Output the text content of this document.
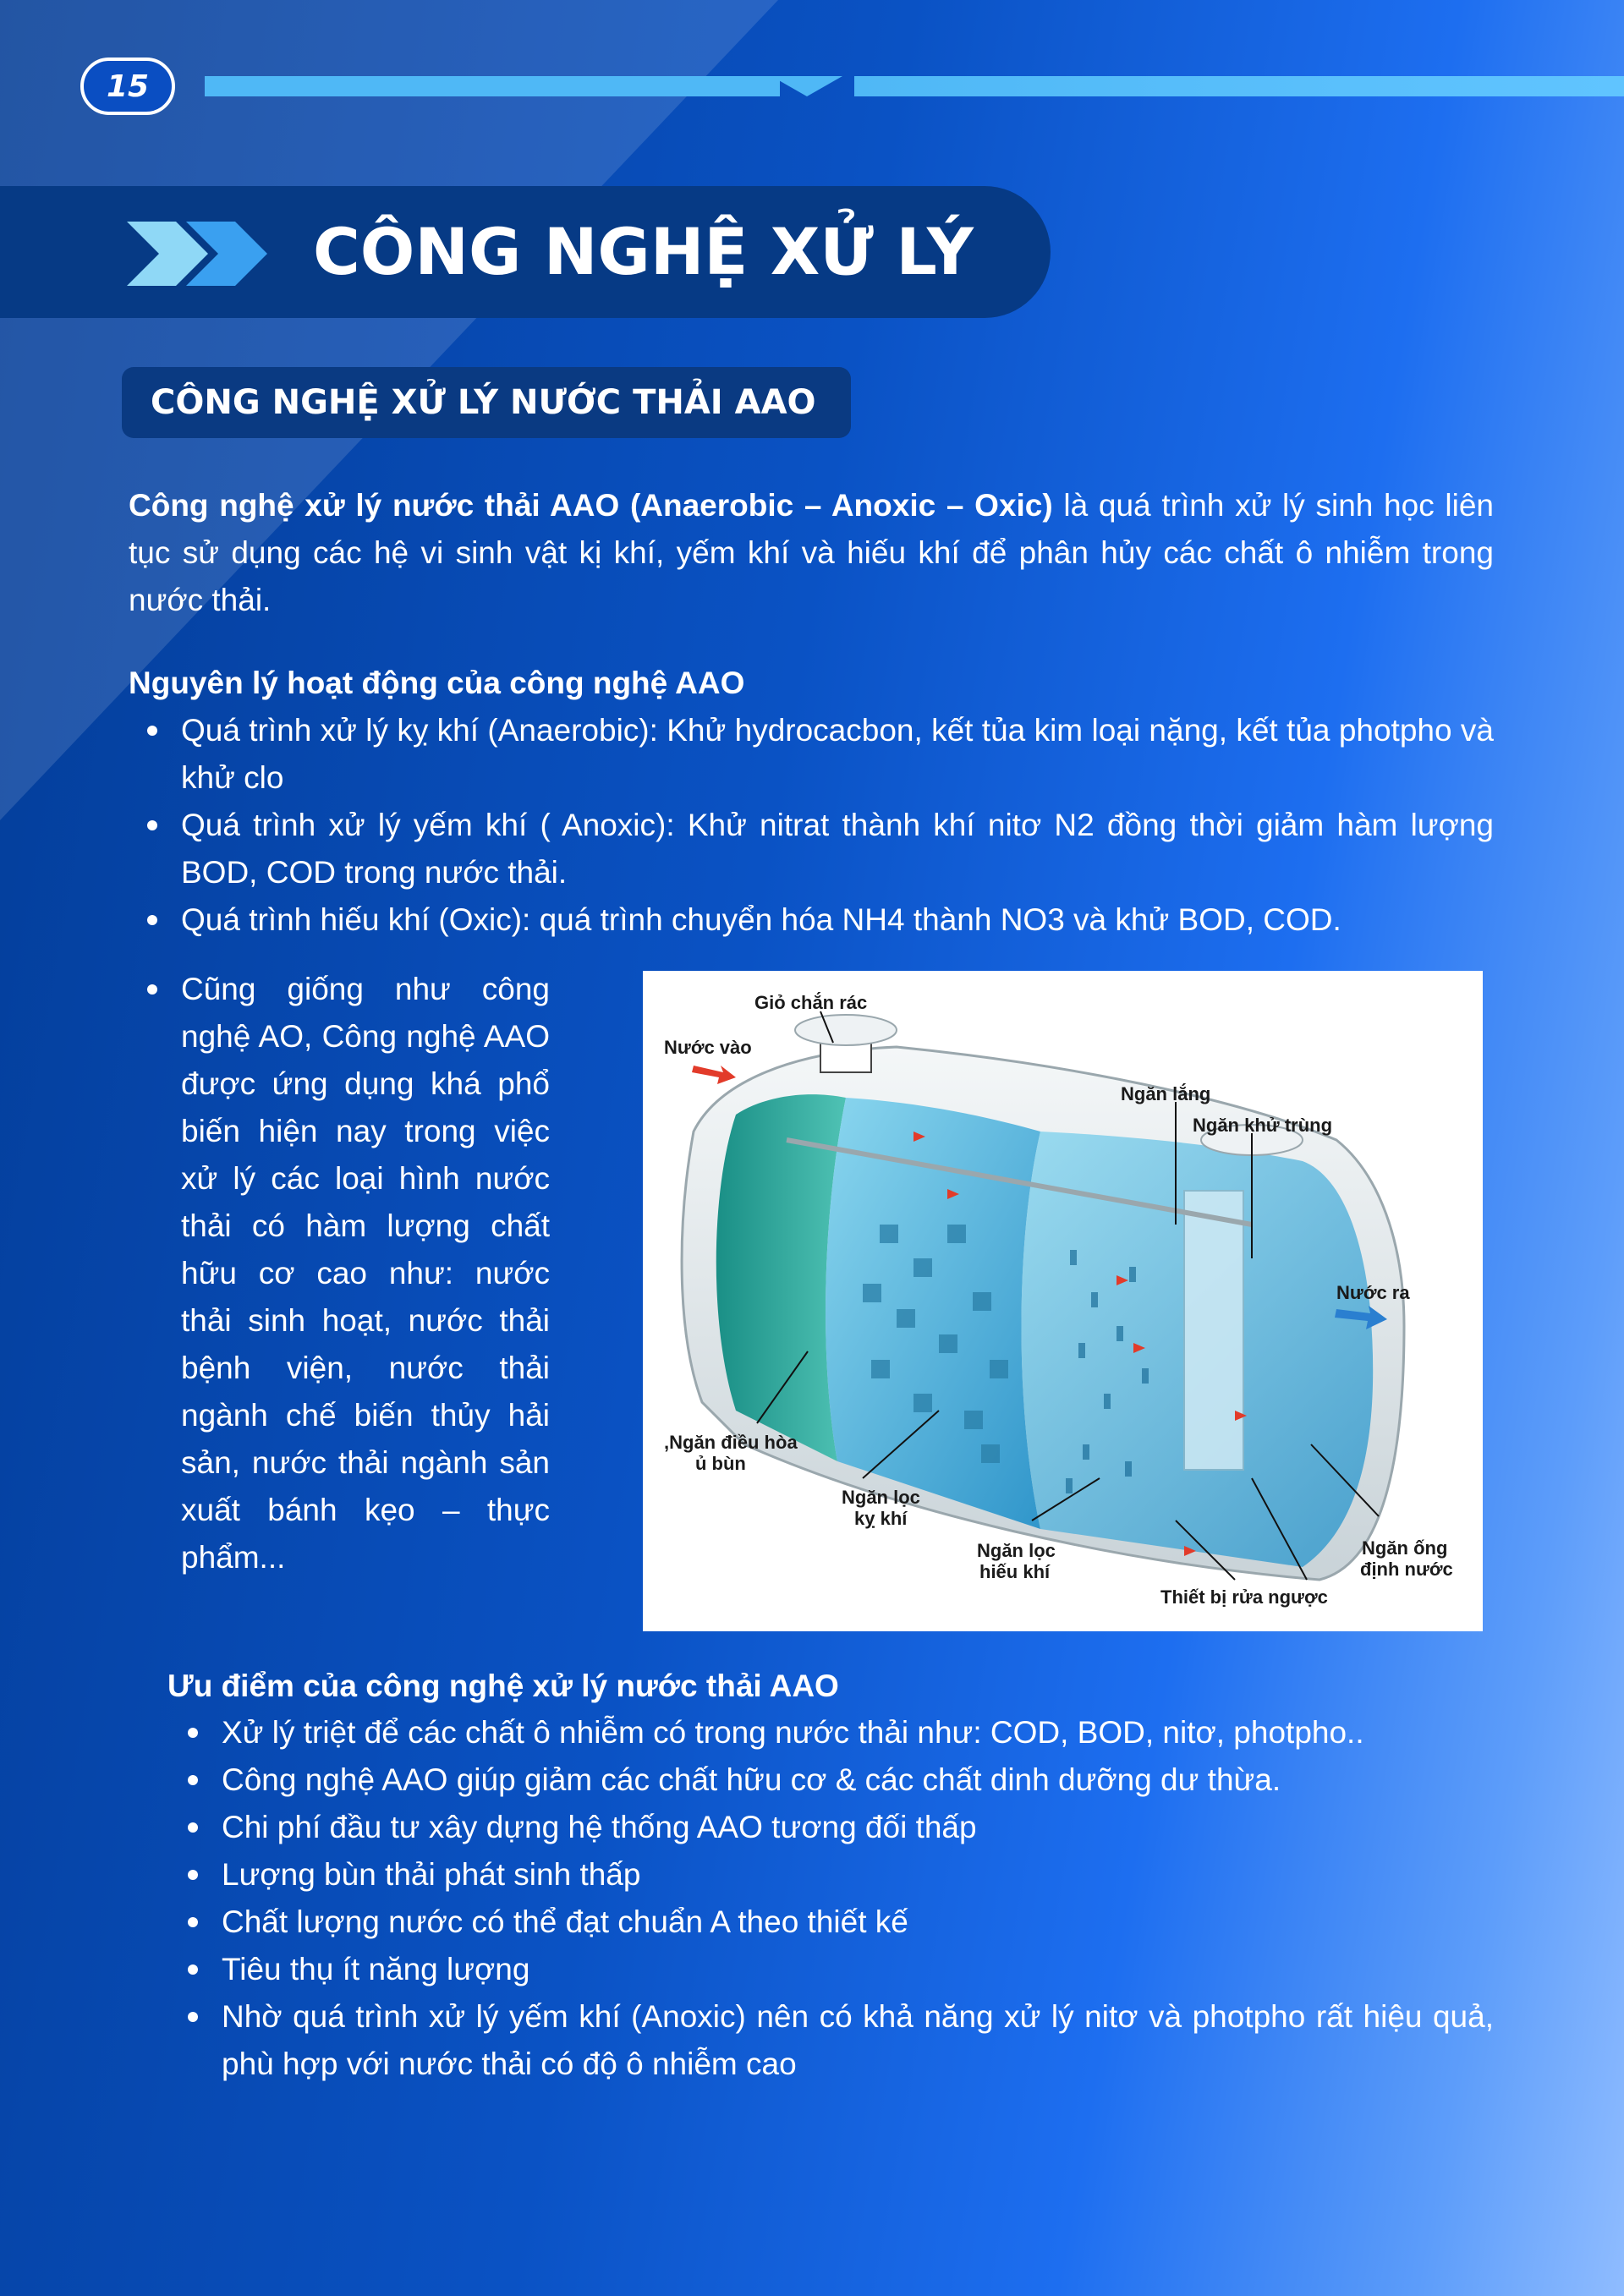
15
CÔNG NGHỆ XỬ LÝ
CÔNG NGHỆ XỬ LÝ NƯỚC THẢI AAO
Công nghệ xử lý nước thải AAO (Anaerobic – Anoxic – Oxic) là quá trình xử lý sinh học liên tục sử dụng các hệ vi sinh vật kị khí, yếm khí và hiếu khí để phân hủy các chất ô nhiễm trong nước thải.
Nguyên lý hoạt động của công nghệ AAO
Quá trình xử lý kỵ khí (Anaerobic): Khử hydrocacbon, kết tủa kim loại nặng, kết tủa photpho và khử clo
Quá trình xử lý yếm khí ( Anoxic): Khử nitrat thành khí nitơ N2 đồng thời giảm hàm lượng BOD, COD trong nước thải.
Quá trình hiếu khí (Oxic): quá trình chuyển hóa NH4 thành NO3 và khử BOD, COD.
Cũng giống như công nghệ AO, Công nghệ AAO được ứng dụng khá phổ biến hiện nay trong việc xử lý các loại hình nước thải có hàm lượng chất hữu cơ cao như: nước thải sinh hoạt, nước thải bệnh viện, nước thải ngành chế biến thủy hải sản, nước thải ngành sản xuất bánh kẹo – thực phẩm...
Giỏ chắn rác
Nước vào
Ngăn lắng
Ngăn khử trùng
Nước ra
,Ngăn điều hòa
ủ bùn
Ngăn lọc
kỵ khí
Ngăn lọc
hiếu khí
Ngăn ống
định nước
Thiết bị rửa ngược
Ưu điểm của công nghệ xử lý nước thải AAO
Xử lý triệt để các chất ô nhiễm có trong nước thải như: COD, BOD, nitơ, photpho..
Công nghệ AAO giúp giảm các chất hữu cơ & các chất dinh dưỡng dư thừa.
Chi phí đầu tư xây dựng hệ thống AAO tương đối thấp
Lượng bùn thải phát sinh thấp
Chất lượng nước có thể đạt chuẩn A theo thiết kế
Tiêu thụ ít năng lượng
Nhờ quá trình xử lý yếm khí (Anoxic) nên có khả năng xử lý nitơ và photpho rất hiệu quả, phù hợp với nước thải có độ ô nhiễm cao
